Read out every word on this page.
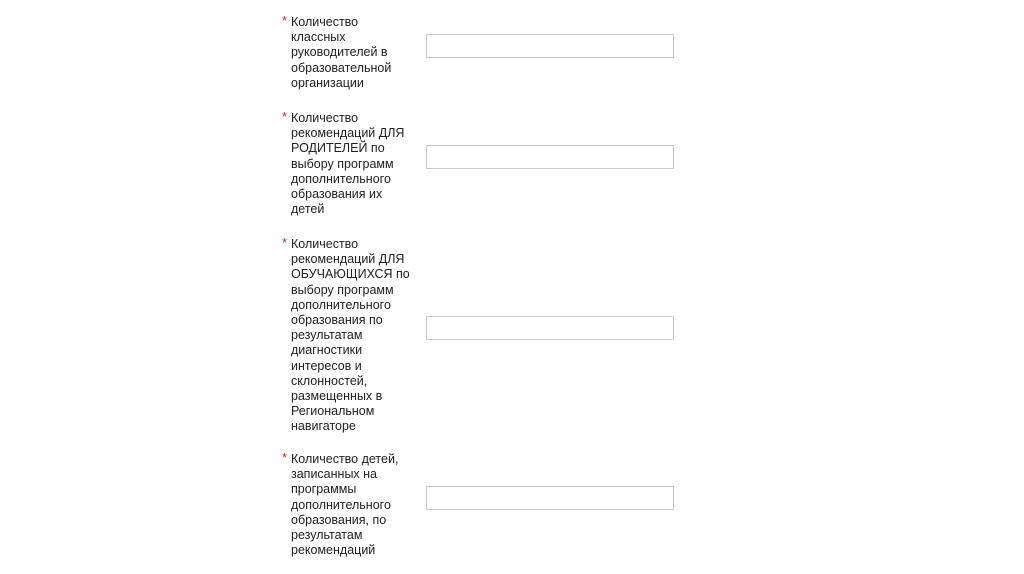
* Количество
классных
руководителей в
образовательной
организации
* Количество
рекомендаций ДЛЯ
РОДИТЕЛЕЙ по
выбору программ
дополнительного
образования их
детей
* Количество
рекомендаций ДЛЯ
ОБУЧАЮЩИХСЯ по
выбору программ
дополнительного
образования по
результатам
диагностики
интересов и
склонностей,
размещенных в
Региональном
навигаторе
* Количество детей,
записанных на
программы
дополнительного
образования, по
результатам
рекомендаций
